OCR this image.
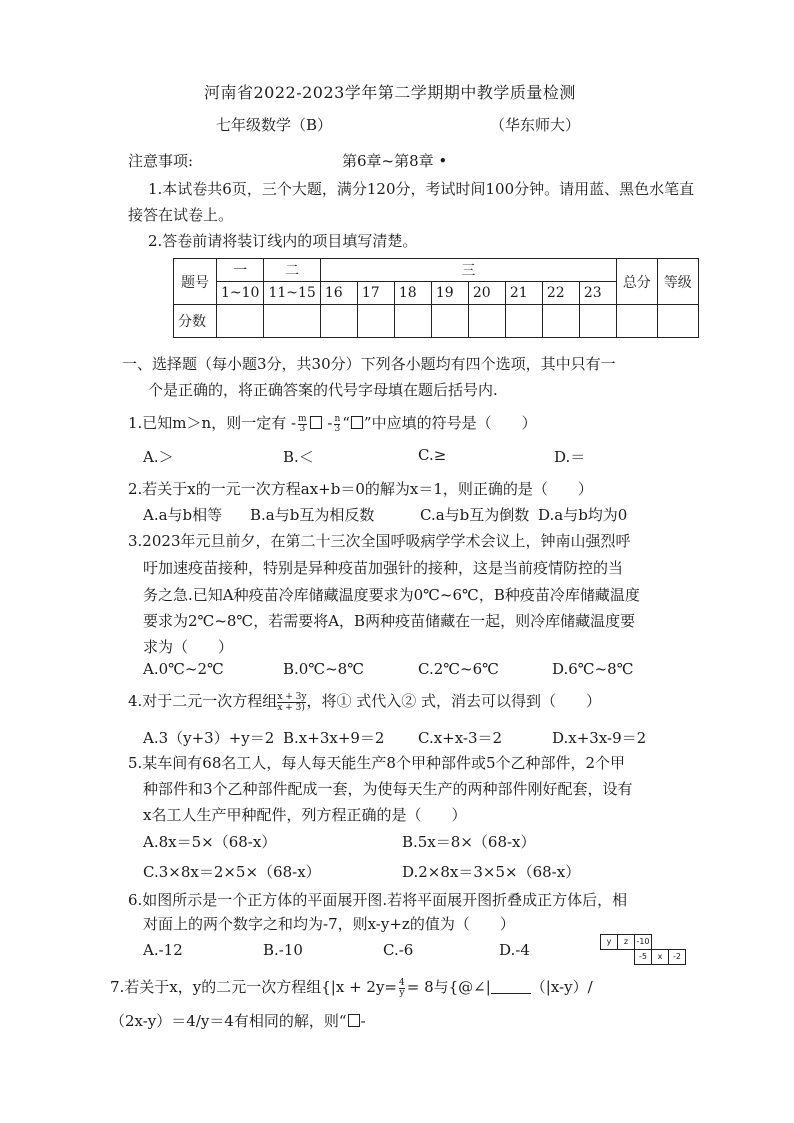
河南省2022-2023学年第二学期期中教学质量检测
七年级数学（B）	（华东师大）
注意事项:	第6章~第8章 •
1.本试卷共6页，三个大题，满分120分，考试时间100分钟。请用蓝、黑色水笔直接答在试卷上。
2.答卷前请将装订线内的项目填写清楚。
题号	一	二	三								总分	等级
	1~10	11~15	16	17	18	19	20	21	22	23		
分数												
一、选择题（每小题3分，共30分）下列各小题均有四个选项，其中只有一
个是正确的，将正确答案的代号字母填在题后括号内.
1.已知m＞n，则一定有 - $\frac{m}{3} - \frac{n}{3}$ “ ”中应填的符号是（　　）
A.＞	B.＜	C.≥	D.＝
2.若关于x的一元一次方程ax+b＝0的解为x＝1，则正确的是（　　）
A.a与b相等 B.a与b互为相反数	C.a与b互为倒数 D.a与b均为0
3.2023年元旦前夕，在第二十三次全国呼吸病学学术会议上，钟南山强烈呼
吁加速疫苗接种，特别是异种疫苗加强针的接种，这是当前疫情防控的当
务之急.已知A种疫苗冷库储藏温度要求为0℃~6℃，B种疫苗冷库储藏温度
要求为2℃~8℃，若需要将A，B两种疫苗储藏在一起，则冷库储藏温度要
求为（　　）
A.0℃~2℃	B.0℃~8℃	C.2℃~6℃	D.6℃~8℃
4.对于二元一次方程组 $\frac{x + 3y}{x + 3)}$ ，将① 式代入② 式，消去可以得到（　　）
A.3（y+3）+y＝2 B.x+3x+9＝2 C.x+x-3＝2	D.x+3x-9＝2
5.某车间有68名工人，每人每天能生产8个甲种部件或5个乙种部件，2个甲
种部件和3个乙种部件配成一套，为使每天生产的两种部件刚好配套，设有
x名工人生产甲种配件，列方程正确的是（　　）
A.8x＝5×（68-x）	B.5x＝8×（68-x）
C.3×8x＝2×5×（68-x）	D.2×8x＝3×5×（68-x）
6.如图所示是一个正方体的平面展开图.若将平面展开图折叠成正方体后，相
对面上的两个数字之和均为-7，则x-y+z的值为（　　）
A.-12	B.-10	C.-6	D.-4	y	z	-10
-5	x	-2
7.若关于x，y的二元一次方程组{$|x + 2y= \frac{4}{y} = 8$与{@∠|	（|x-y）/
（2x-y）＝4/y＝4有相同的解，则“ -
